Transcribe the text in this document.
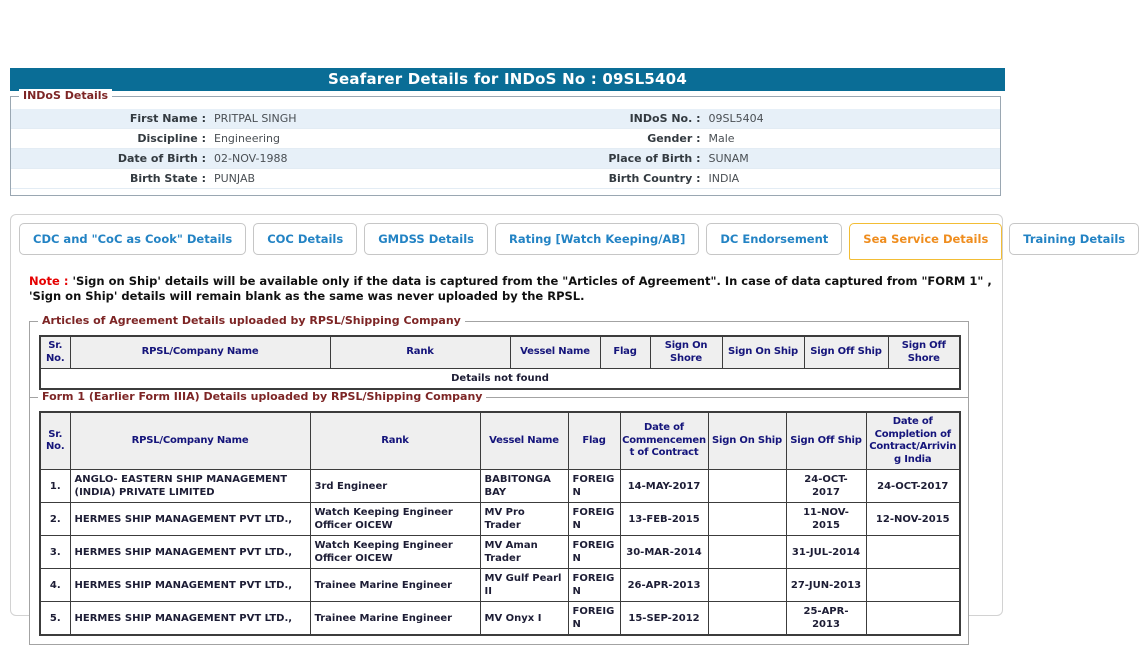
Seafarer Details for INDoS No : 09SL5404
INDoS Details
First Name : PRITPAL SINGH	INDoS No. : 09SL5404
Discipline : Engineering	Gender : Male
Date of Birth : 02-NOV-1988	Place of Birth : SUNAM
Birth State : PUNJAB	Birth Country : INDIA
CDC and "CoC as Cook" Details	COC Details	GMDSS Details	Rating [Watch Keeping/AB]	DC Endorsement	Sea Service Details	Training Details
Note : 'Sign on Ship' details will be available only if the data is captured from the "Articles of Agreement". In case of data captured from "FORM 1" , 'Sign on Ship' details will remain blank as the same was never uploaded by the RPSL.
Articles of Agreement Details uploaded by RPSL/Shipping Company
Sr. No.	RPSL/Company Name	Rank	Vessel Name	Flag	Sign On Shore	Sign On Ship	Sign Off Ship	Sign Off Shore
Details not found
Form 1 (Earlier Form IIIA) Details uploaded by RPSL/Shipping Company
Sr. No.	RPSL/Company Name	Rank	Vessel Name	Flag	Date of Commencement of Contract	Sign On Ship	Sign Off Ship	Date of Completion of Contract/Arriving India
1.	ANGLO- EASTERN SHIP MANAGEMENT (INDIA) PRIVATE LIMITED	3rd Engineer	BABITONGA BAY	FOREIGN	14-MAY-2017		24-OCT-2017	24-OCT-2017
2.	HERMES SHIP MANAGEMENT PVT LTD.,	Watch Keeping Engineer Officer OICEW	MV Pro Trader	FOREIGN	13-FEB-2015		11-NOV-2015	12-NOV-2015
3.	HERMES SHIP MANAGEMENT PVT LTD.,	Watch Keeping Engineer Officer OICEW	MV Aman Trader	FOREIGN	30-MAR-2014		31-JUL-2014	
4.	HERMES SHIP MANAGEMENT PVT LTD.,	Trainee Marine Engineer	MV Gulf Pearl II	FOREIGN	26-APR-2013		27-JUN-2013	
5.	HERMES SHIP MANAGEMENT PVT LTD.,	Trainee Marine Engineer	MV Onyx I	FOREIGN	15-SEP-2012		25-APR-2013	
